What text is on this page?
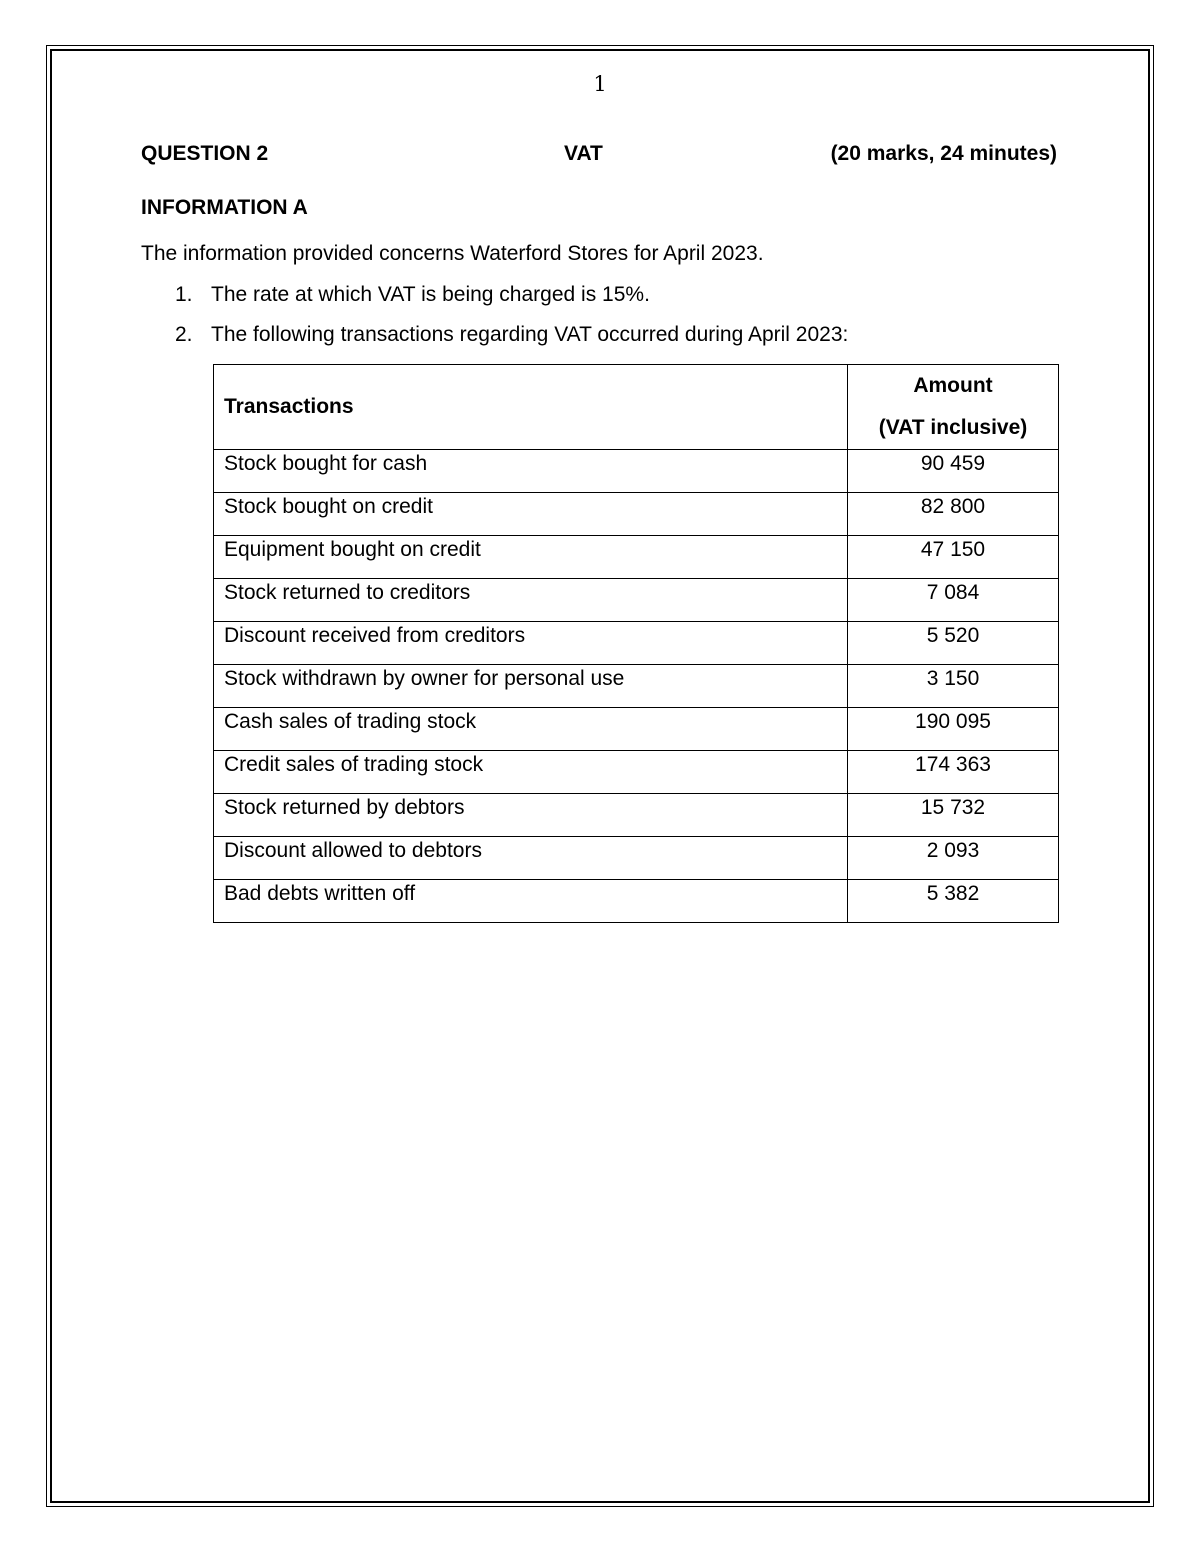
1
QUESTION 2	VAT	(20 marks, 24 minutes)
INFORMATION A
The information provided concerns Waterford Stores for April 2023.
1. The rate at which VAT is being charged is 15%.
2. The following transactions regarding VAT occurred during April 2023:
Transactions	Amount
(VAT inclusive)

Stock bought for cash	90 459

Stock bought on credit	82 800

Equipment bought on credit	47 150

Stock returned to creditors	7 084

Discount received from creditors	5 520

Stock withdrawn by owner for personal use	3 150

Cash sales of trading stock	190 095

Credit sales of trading stock	174 363

Stock returned by debtors	15 732

Discount allowed to debtors	2 093

Bad debts written off	5 382
